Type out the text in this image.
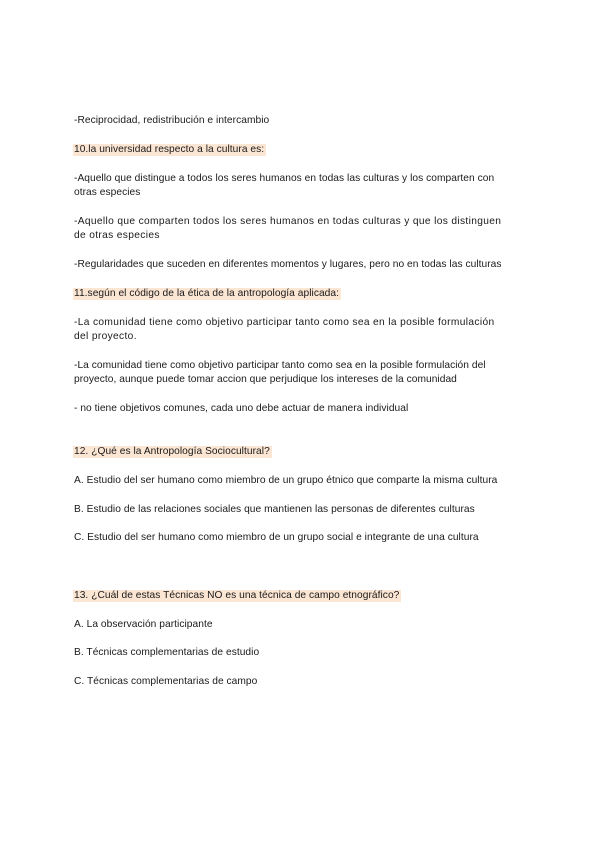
-Reciprocidad, redistribución e intercambio
10.la universidad respecto a la cultura es:
-Aquello que distingue a todos los seres humanos en todas las culturas y los comparten con
otras especies
-Aquello que comparten todos los seres humanos en todas culturas y que los distinguen
de otras especies
-Regularidades que suceden en diferentes momentos y lugares, pero no en todas las culturas
11.según el código de la ética de la antropología aplicada:
-La comunidad tiene como objetivo participar tanto como sea en la posible formulación
del proyecto.
-La comunidad tiene como objetivo participar tanto como sea en la posible formulación del
proyecto, aunque puede tomar accion que perjudique los intereses de la comunidad
- no tiene objetivos comunes, cada uno debe actuar de manera individual
12. ¿Qué es la Antropología Sociocultural?
A. Estudio del ser humano como miembro de un grupo étnico que comparte la misma cultura
B. Estudio de las relaciones sociales que mantienen las personas de diferentes culturas
C. Estudio del ser humano como miembro de un grupo social e integrante de una cultura
13. ¿Cuál de estas Técnicas NO es una técnica de campo etnográfico?
A. La observación participante
B. Técnicas complementarias de estudio
C. Técnicas complementarias de campo
